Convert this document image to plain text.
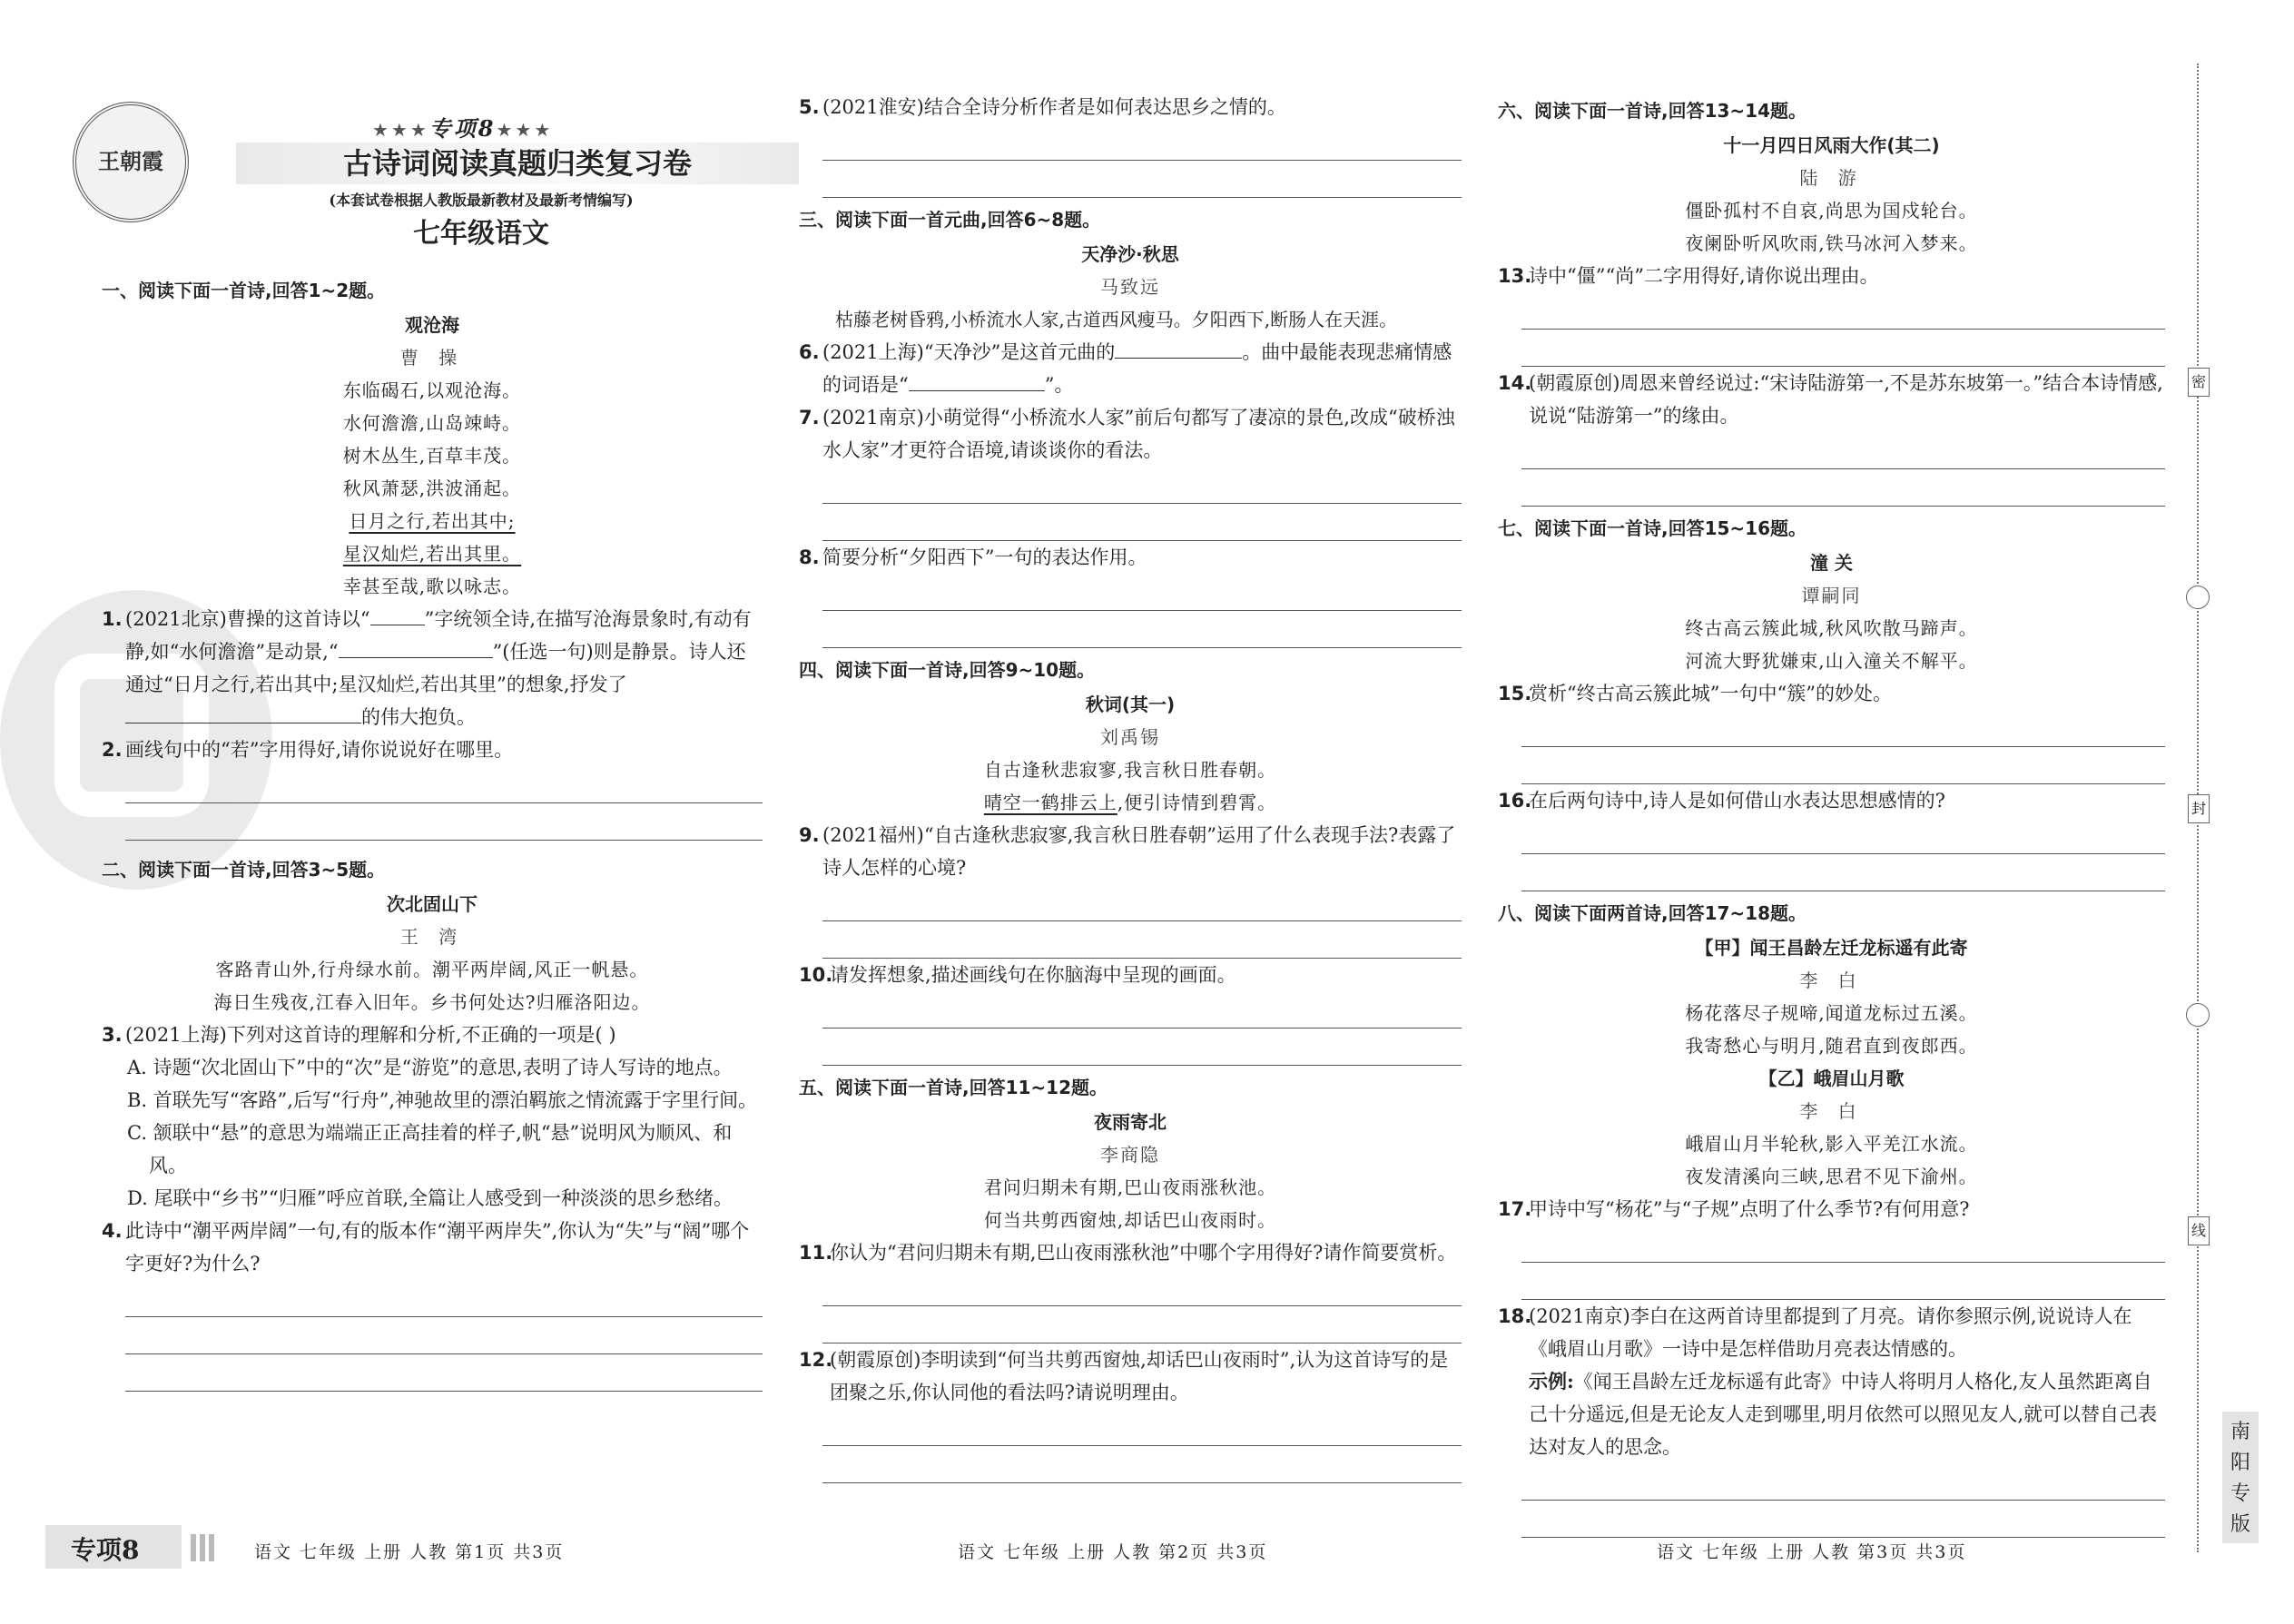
王朝霞
★★★专项8★★★
古诗词阅读真题归类复习卷
(本套试卷根据人教版最新教材及最新考情编写)
七年级语文
一、阅读下面一首诗,回答1~2题。
观沧海
曹 操
东临碣石,以观沧海。
水何澹澹,山岛竦峙。
树木丛生,百草丰茂。
秋风萧瑟,洪波涌起。
日月之行,若出其中;
星汉灿烂,若出其里。
幸甚至哉,歌以咏志。
1. (2021北京)曹操的这首诗以“	”字统领全诗,在描写沧海景象时,有动有静,如“水何澹澹”是动景,“	”(任选一句)则是静景。诗人还通过“日月之行,若出其中;星汉灿烂,若出其里”的想象,抒发了的伟大抱负。
2. 画线句中的“若”字用得好,请你说说好在哪里。
二、阅读下面一首诗,回答3~5题。
次北固山下
王 湾
客路青山外,行舟绿水前。潮平两岸阔,风正一帆悬。
海日生残夜,江春入旧年。乡书何处达?归雁洛阳边。
3. (2021上海)下列对这首诗的理解和分析,不正确的一项是( )
A. 诗题“次北固山下”中的“次”是“游览”的意思,表明了诗人写诗的地点。
B. 首联先写“客路”,后写“行舟”,神驰故里的漂泊羁旅之情流露于字里行间。
C. 颔联中“悬”的意思为端端正正高挂着的样子,帆“悬”说明风为顺风、和风。
D. 尾联中“乡书”“归雁”呼应首联,全篇让人感受到一种淡淡的思乡愁绪。
4. 此诗中“潮平两岸阔”一句,有的版本作“潮平两岸失”,你认为“失”与“阔”哪个字更好?为什么?
5. (2021淮安)结合全诗分析作者是如何表达思乡之情的。
三、阅读下面一首元曲,回答6~8题。
天净沙·秋思
马致远
枯藤老树昏鸦,小桥流水人家,古道西风瘦马。夕阳西下,断肠人在天涯。
6. (2021上海)“天净沙”是这首元曲的	。曲中最能表现悲痛情感的词语是“	”。
7. (2021南京)小萌觉得“小桥流水人家”前后句都写了凄凉的景色,改成“破桥浊水人家”才更符合语境,请谈谈你的看法。
8. 简要分析“夕阳西下”一句的表达作用。
四、阅读下面一首诗,回答9~10题。
秋词(其一)
刘禹锡
自古逢秋悲寂寥,我言秋日胜春朝。
晴空一鹤排云上,便引诗情到碧霄。
9. (2021福州)“自古逢秋悲寂寥,我言秋日胜春朝”运用了什么表现手法?表露了诗人怎样的心境?
10.
请发挥想象,描述画线句在你脑海中呈现的画面。
五、阅读下面一首诗,回答11~12题。
夜雨寄北
李商隐
君问归期未有期,巴山夜雨涨秋池。
何当共剪西窗烛,却话巴山夜雨时。
11.
你认为“君问归期未有期,巴山夜雨涨秋池”中哪个字用得好?请作简要赏析。
12.
(朝霞原创)李明读到“何当共剪西窗烛,却话巴山夜雨时”,认为这首诗写的是团聚之乐,你认同他的看法吗?请说明理由。
六、阅读下面一首诗,回答13~14题。
十一月四日风雨大作(其二)
陆 游
僵卧孤村不自哀,尚思为国戍轮台。
夜阑卧听风吹雨,铁马冰河入梦来。
13.
诗中“僵”“尚”二字用得好,请你说出理由。
14.
(朝霞原创)周恩来曾经说过:“宋诗陆游第一,不是苏东坡第一。”结合本诗情感,说说“陆游第一”的缘由。
七、阅读下面一首诗,回答15~16题。
潼 关
谭嗣同
终古高云簇此城,秋风吹散马蹄声。
河流大野犹嫌束,山入潼关不解平。
15.
赏析“终古高云簇此城”一句中“簇”的妙处。
16.
在后两句诗中,诗人是如何借山水表达思想感情的?
八、阅读下面两首诗,回答17~18题。
【甲】闻王昌龄左迁龙标遥有此寄
李 白
杨花落尽子规啼,闻道龙标过五溪。
我寄愁心与明月,随君直到夜郎西。
【乙】峨眉山月歌
李 白
峨眉山月半轮秋,影入平羌江水流。
夜发清溪向三峡,思君不见下渝州。
17.
甲诗中写“杨花”与“子规”点明了什么季节?有何用意?
18.
(2021南京)李白在这两首诗里都提到了月亮。请你参照示例,说说诗人在《峨眉山月歌》一诗中是怎样借助月亮表达情感的。
示例:《闻王昌龄左迁龙标遥有此寄》中诗人将明月人格化,友人虽然距离自己十分遥远,但是无论友人走到哪里,明月依然可以照见友人,就可以替自己表达对友人的思念。
专项8	语文 七年级 上册 人教 第1页 共3页	语文 七年级 上册 人教 第2页 共3页	语文 七年级 上册 人教 第3页 共3页
密
封
线
南
阳
专
版
